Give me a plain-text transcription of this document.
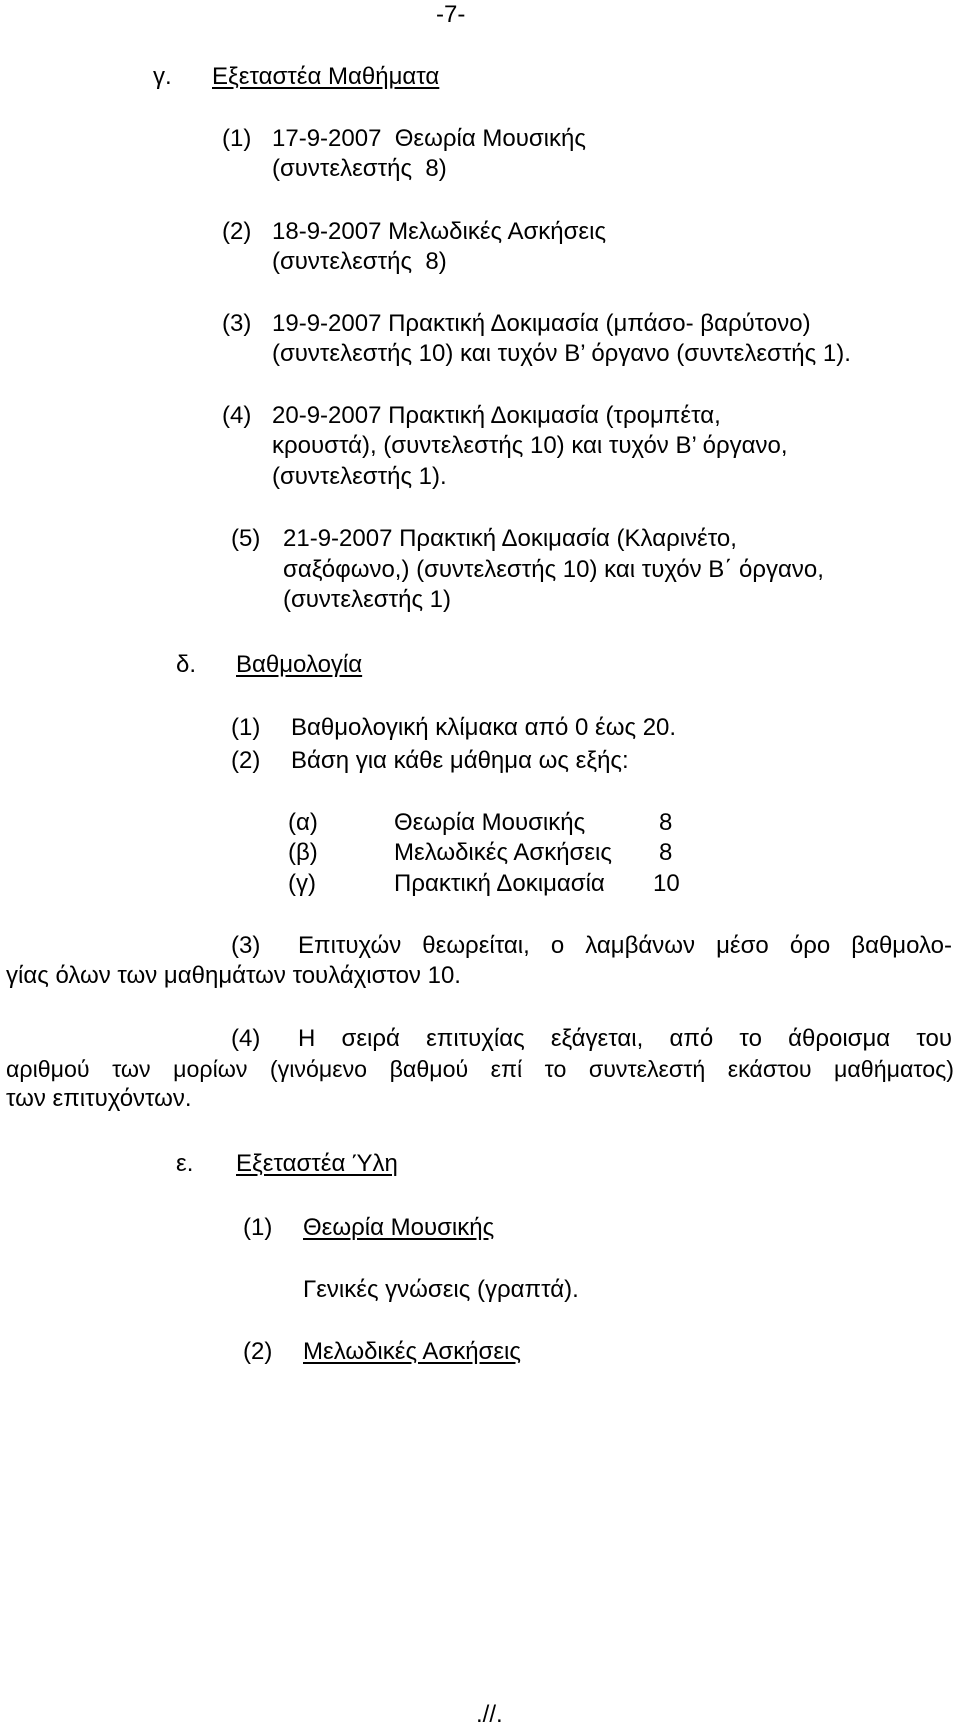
-7-
γ. Εξεταστέα Μαθήματα
(1) 17-9-2007  Θεωρία Μουσικής
(συντελεστής  8)
(2) 18-9-2007 Μελωδικές Ασκήσεις
(συντελεστής  8)
(3) 19-9-2007 Πρακτική Δοκιμασία (μπάσο- βαρύτονο)
(συντελεστής 10) και τυχόν Β’ όργανο (συντελεστής 1).
(4) 20-9-2007 Πρακτική Δοκιμασία (τρομπέτα,
κρουστά), (συντελεστής 10) και τυχόν Β’ όργανο,
(συντελεστής 1).
(5) 21-9-2007 Πρακτική Δοκιμασία (Κλαρινέτο,
σαξόφωνο,) (συντελεστής 10) και τυχόν Β΄ όργανο,
(συντελεστής 1)
δ. Βαθμολογία
(1) Βαθμολογική κλίμακα από 0 έως 20.
(2) Βάση για κάθε μάθημα ως εξής:
(α)	Θεωρία Μουσικής	8
(β)	Μελωδικές Ασκήσεις 8
(γ)	Πρακτική Δοκιμασία 10
(3) Επιτυχών θεωρείται, ο λαμβάνων μέσο όρο βαθμολο-
γίας όλων των μαθημάτων τουλάχιστον 10.
(4) Η σειρά επιτυχίας εξάγεται, από το άθροισμα του
αριθμού των μορίων (γινόμενο βαθμού επί το συντελεστή εκάστου μαθήματος)
των επιτυχόντων.
ε. Εξεταστέα Ύλη
(1) Θεωρία Μουσικής
Γενικές γνώσεις (γραπτά).
(2) Μελωδικές Ασκήσεις
.//.
